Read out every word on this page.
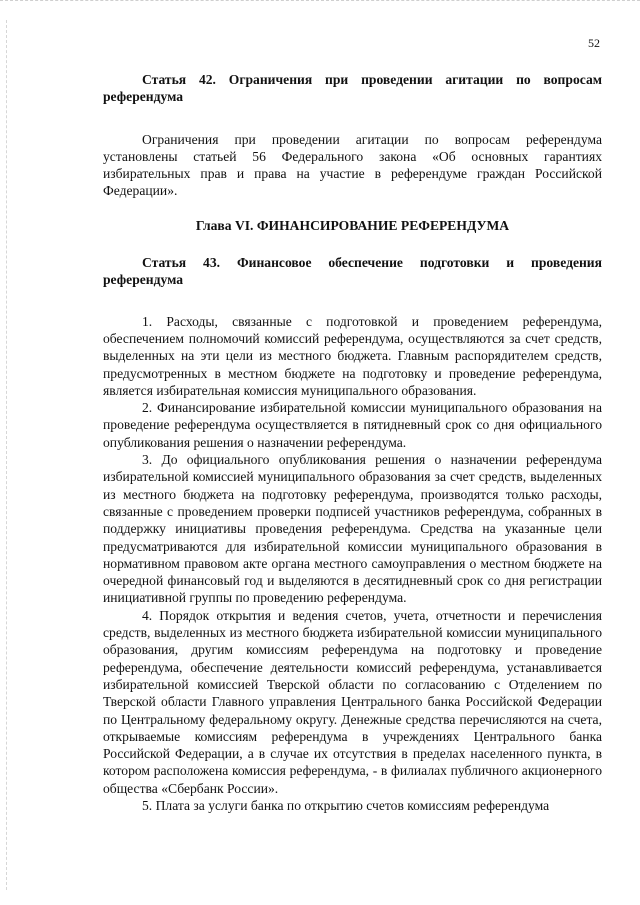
52

Статья 42. Ограничения при проведении агитации по вопросам референдума

Ограничения при проведении агитации по вопросам референдума установлены статьей 56 Федерального закона «Об основных гарантиях избирательных прав и права на участие в референдуме граждан Российской Федерации».

Глава VI. ФИНАНСИРОВАНИЕ РЕФЕРЕНДУМА

Статья 43. Финансовое обеспечение подготовки и проведения референдума

1. Расходы, связанные с подготовкой и проведением референдума, обеспечением полномочий комиссий референдума, осуществляются за счет средств, выделенных на эти цели из местного бюджета. Главным распорядителем средств, предусмотренных в местном бюджете на подготовку и проведение референдума, является избирательная комиссия муниципального образования.

2. Финансирование избирательной комиссии муниципального образования на проведение референдума осуществляется в пятидневный срок со дня официального опубликования решения о назначении референдума.

3. До официального опубликования решения о назначении референдума избирательной комиссией муниципального образования за счет средств, выделенных из местного бюджета на подготовку референдума, производятся только расходы, связанные с проведением проверки подписей участников референдума, собранных в поддержку инициативы проведения референдума. Средства на указанные цели предусматриваются для избирательной комиссии муниципального образования в нормативном правовом акте органа местного самоуправления о местном бюджете на очередной финансовый год и выделяются в десятидневный срок со дня регистрации инициативной группы по проведению референдума.

4. Порядок открытия и ведения счетов, учета, отчетности и перечисления средств, выделенных из местного бюджета избирательной комиссии муниципального образования, другим комиссиям референдума на подготовку и проведение референдума, обеспечение деятельности комиссий референдума, устанавливается избирательной комиссией Тверской области по согласованию с Отделением по Тверской области Главного управления Центрального банка Российской Федерации по Центральному федеральному округу. Денежные средства перечисляются на счета, открываемые комиссиям референдума в учреждениях Центрального банка Российской Федерации, а в случае их отсутствия в пределах населенного пункта, в котором расположена комиссия референдума, - в филиалах публичного акционерного общества «Сбербанк России».

5. Плата за услуги банка по открытию счетов комиссиям референдума
